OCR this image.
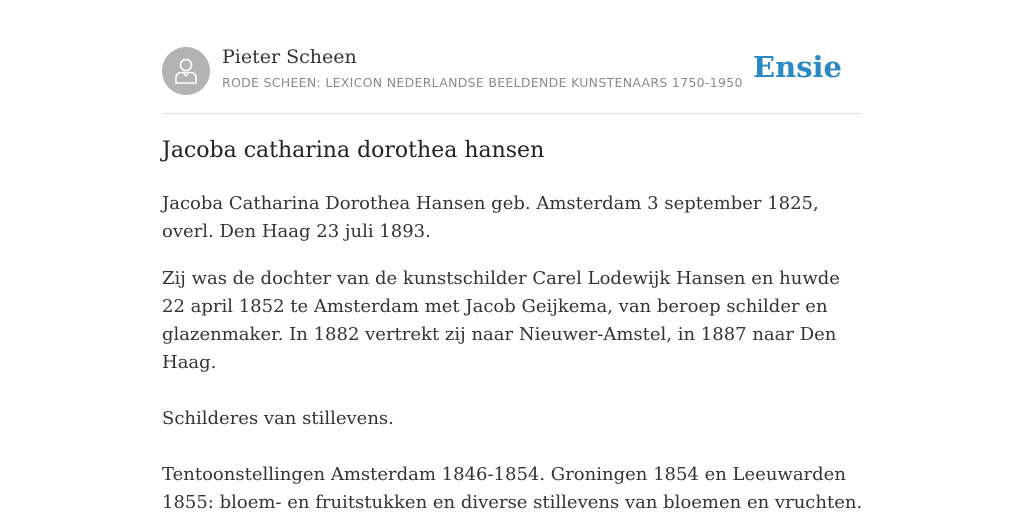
Pieter Scheen
RODE SCHEEN: LEXICON NEDERLANDSE BEELDENDE KUNSTENAARS 1750-1950 Ensie
Jacoba catharina dorothea hansen

Jacoba Catharina Dorothea Hansen geb. Amsterdam 3 september 1825, overl. Den Haag 23 juli 1893.

Zij was de dochter van de kunstschilder Carel Lodewijk Hansen en huwde 22 april 1852 te Amsterdam met Jacob Geijkema, van beroep schilder en glazenmaker. In 1882 vertrekt zij naar Nieuwer-Amstel, in 1887 naar Den Haag.

Schilderes van stillevens.

Tentoonstellingen Amsterdam 1846-1854. Groningen 1854 en Leeuwarden 1855: bloem- en fruitstukken en diverse stillevens van bloemen en vruchten.
